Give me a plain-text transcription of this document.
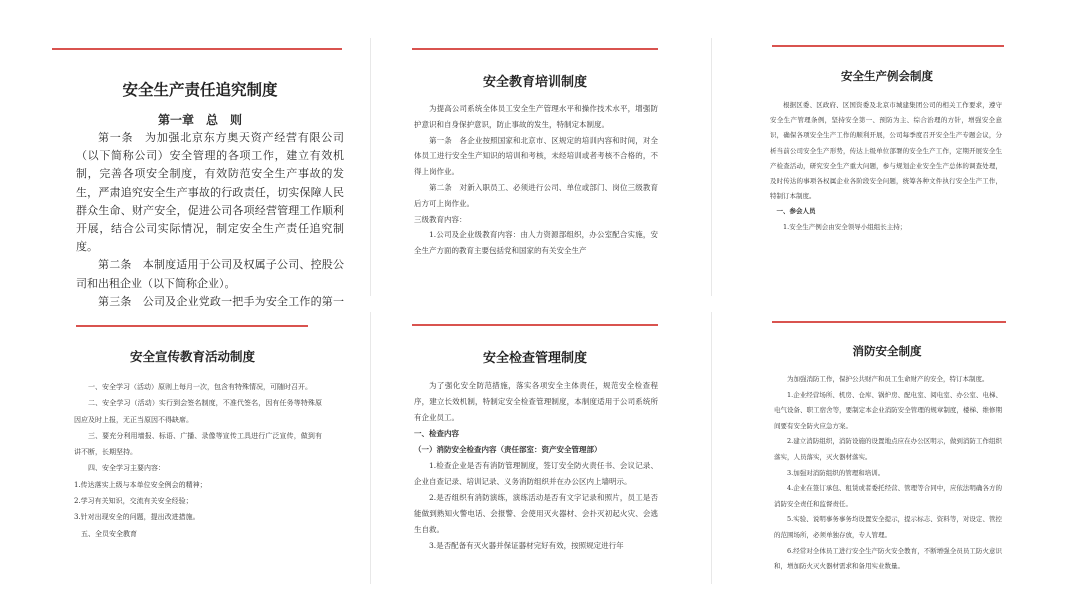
安全生产责任追究制度
第一章　总　则

第一条　为加强北京东方奥天资产经营有限公司（以下简称公司）安全管理的各项工作，建立有效机制，完善各项安全制度，有效防范安全生产事故的发生，严肃追究安全生产事故的行政责任，切实保障人民群众生命、财产安全，促进公司各项经营管理工作顺利开展，结合公司实际情况，制定安全生产责任追究制度。

第二条　本制度适用于公司及权属子公司、控股公司和出租企业（以下简称企业）。

第三条　公司及企业党政一把手为安全工作的第一

安全教育培训制度

为提高公司系统全体员工安全生产管理水平和操作技术水平，增强防护意识和自身保护意识，防止事故的发生，特制定本制度。

第一条　各企业按照国家和北京市、区规定的培训内容和时间，对全体员工进行安全生产知识的培训和考核，未经培训或者考核不合格的，不得上岗作业。

第二条　对新入职员工、必须进行公司、单位或部门、岗位三级教育后方可上岗作业。

三级教育内容：

1.公司及企业级教育内容：由人力资源部组织，办公室配合实施，安全生产方面的教育主要包括党和国家的有关安全生产

安全生产例会制度

根据区委、区政府、区国资委及北京市城建集团公司的相关工作要求，遵守安全生产管理条例，坚持安全第一、预防为主、综合治理的方针，增强安全意识，确保各项安全生产工作的顺利开展，公司每季度召开安全生产专题会议，分析当前公司安全生产形势，传达上级单位部署的安全生产工作，定期开展安全生产检查活动，研究安全生产重大问题，参与规划企业安全生产总体的调查处理，及时传达的事项各权属企业各阶段安全问题，统筹各种文件执行安全生产工作，特制订本制度。

一、参会人员

1.安全生产例会由安全领导小组组长主持；

安全宣传教育活动制度

一、安全学习（活动）原则上每月一次，包含有特殊情况，可随时召开。

二、安全学习（活动）实行到会签名制度，不准代签名，因有任务等特殊原因应及时上报，无正当原因不得缺席。

三、要充分利用墙报、标语、广播、录像等宣传工具进行广泛宣传，做到有讲不断，长期坚持。

四、安全学习主要内容：

1.传达落实上级与本单位安全例会的精神；

2.学习有关知识，交流有关安全经验；

3.针对出现安全的问题，提出改进措施。

五、全员安全教育

安全检查管理制度

为了强化安全防范措施，落实各项安全主体责任，规范安全检查程序，建立长效机制，特制定安全检查管理制度，本制度适用于公司系统所有企业员工。

一、检查内容

（一）消防安全检查内容（责任部室：资产安全管理部）

1.检查企业是否有消防管理制度，签订安全防火责任书、会议记录、企业自查记录、培训记录、义务消防组织并在办公区内上墙明示。

2.是否组织有消防演练，演练活动是否有文字记录和照片，员工是否能做到熟知火警电话、会报警、会使用灭火器材、会扑灭初起火灾、会逃生自救。

3.是否配备有灭火器并保证器材完好有效，按照规定进行年

消防安全制度

为加强消防工作，保护公共财产和员工生命财产的安全，特订本制度。

1.企业经营场所、机房、仓库、锅炉房、配电室、阅电室、办公室、电梯、电气设备、职工宿舍等，要制定本企业消防安全管理的规章制度，楼梯、维修期间要有安全防火应急方案。

2.建立消防组织，消防设施的设置地点应在办公区明示，做到消防工作组织落实，人员落实，灭火器材落实。

3.加强对消防组织的管理和培训。

4.企业在签订承包、租赁或者委托经营、管理等合同中，应依法明确各方的消防安全责任和监督责任。

5.实验、说明事务事务均设置安全提示，提示标志、资料等，对设定、管控的范围场所，必须单独存放，专人管理。

6.经常对全体员工进行安全生产防火安全教育，不断增强全员员工防火意识和，增加防火灭火器材需求和备用实业数量。
